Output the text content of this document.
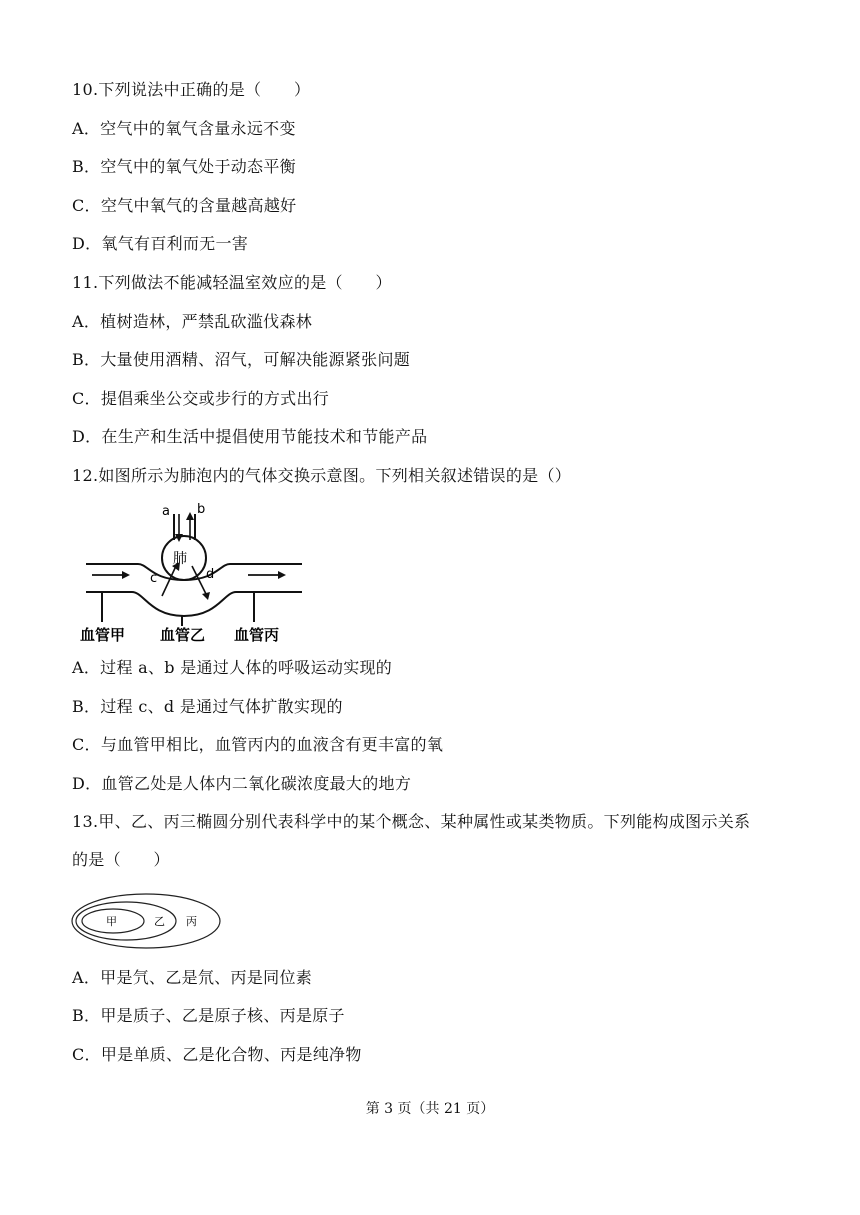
10.下列说法中正确的是（　　）
A．空气中的氧气含量永远不变
B．空气中的氧气处于动态平衡
C．空气中氧气的含量越高越好
D．氧气有百利而无一害
11.下列做法不能减轻温室效应的是（　　）
A．植树造林，严禁乱砍滥伐森林
B．大量使用酒精、沼气，可解决能源紧张问题
C．提倡乘坐公交或步行的方式出行
D．在生产和生活中提倡使用节能技术和节能产品
12.如图所示为肺泡内的气体交换示意图。下列相关叙述错误的是（）
a b
肺
c	d
血管甲 血管乙 血管丙
A．过程 a、b 是通过人体的呼吸运动实现的
B．过程 c、d 是通过气体扩散实现的
C．与血管甲相比，血管丙内的血液含有更丰富的氧
D．血管乙处是人体内二氧化碳浓度最大的地方
13.甲、乙、丙三椭圆分别代表科学中的某个概念、某种属性或某类物质。下列能构成图示关系
的是（　　）
甲	乙 丙
A．甲是氕、乙是氘、丙是同位素
B．甲是质子、乙是原子核、丙是原子
C．甲是单质、乙是化合物、丙是纯净物
第 3 页（共 21 页）
